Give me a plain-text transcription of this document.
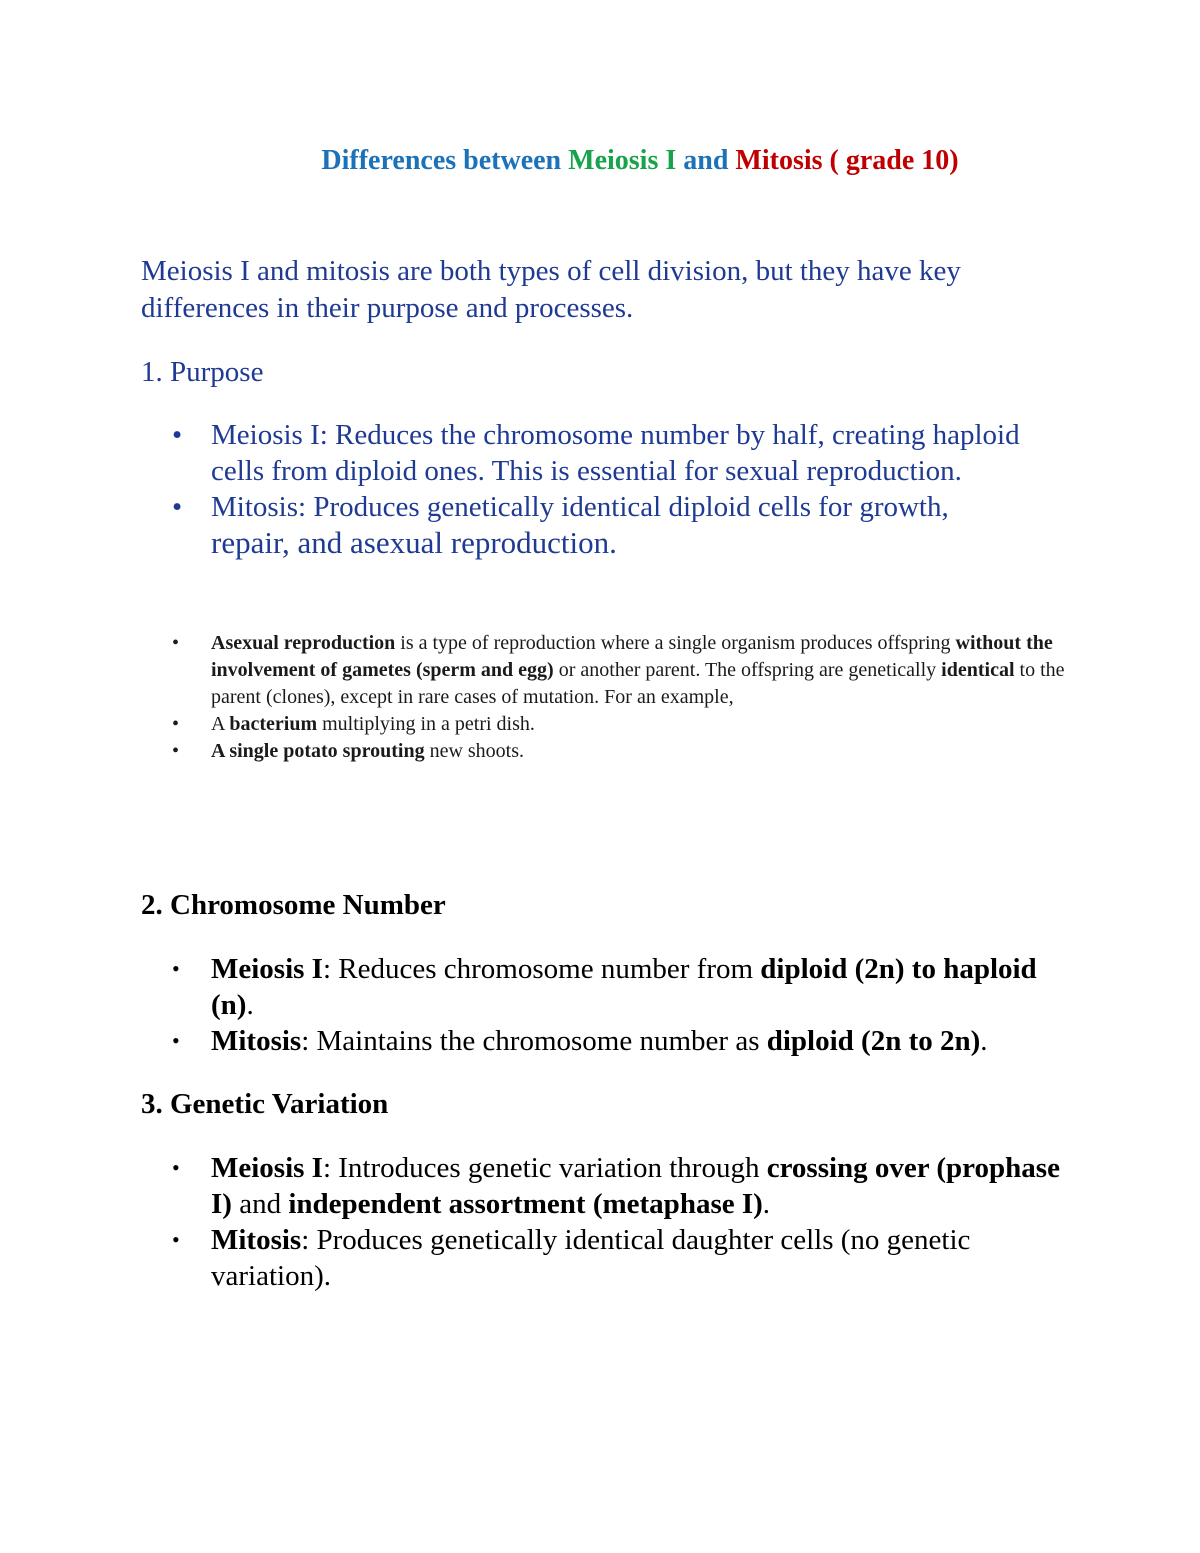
Differences between Meiosis I and Mitosis ( grade 10)
Meiosis I and mitosis are both types of cell division, but they have key differences in their purpose and processes.
1. Purpose
• Meiosis I: Reduces the chromosome number by half, creating haploid cells from diploid ones. This is essential for sexual reproduction.
• Mitosis: Produces genetically identical diploid cells for growth, repair, and asexual reproduction.
• Asexual reproduction is a type of reproduction where a single organism produces offspring without the involvement of gametes (sperm and egg) or another parent. The offspring are genetically identical to the parent (clones), except in rare cases of mutation. For an example,
• A bacterium multiplying in a petri dish.
• A single potato sprouting new shoots.
2. Chromosome Number
• Meiosis I: Reduces chromosome number from diploid (2n) to haploid (n).
• Mitosis: Maintains the chromosome number as diploid (2n to 2n).
3. Genetic Variation
• Meiosis I: Introduces genetic variation through crossing over (prophase I) and independent assortment (metaphase I).
• Mitosis: Produces genetically identical daughter cells (no genetic variation).
